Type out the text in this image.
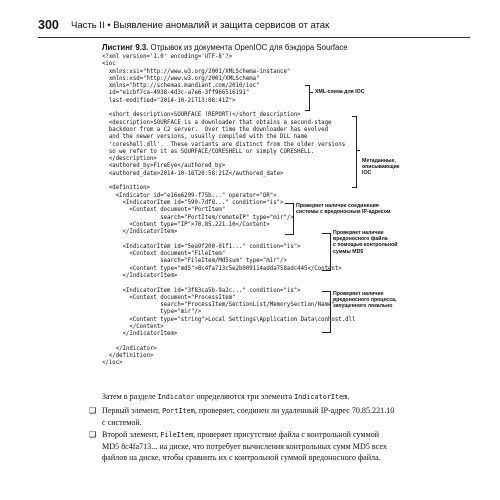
300 Часть II • Выявление аномалий и защита сервисов от атак
Листинг 9.3. Отрывок из документа OpenIOC для бэкдора Sourface
<?xml version='1.0' encoding='UTF-8'?>
<ioc
xmlns:xsi="http://www.w3.org/2001/XMLSchema-instance"
xmlns:xsd="http://www.w3.org/2001/XMLSchema"
xmlns="http://schemas.mandiant.com/2010/ioc"
id="e1cbf7ca-4938-4d3c-a7e6-3ff966516191"
last-modified="2014-10-21T13:08:41Z">
<short_description>SOURFACE (REPORT)</short_description>
<description>SOURFACE is a downloader that obtains a second-stage
backdoor from a C2 server.  Over time the downloader has evolved
and the newer versions, usually compiled with the DLL name
'coreshell.dll'.  These variants are distinct from the older versions
so we refer to it as SOURFACE/CORESHELL or simply CORESHELL.
</description>
<authored_by>FireEye</authored_by>
<authored_date>2014-10-16T20:58:21Z</authored_date>
<definition>
<Indicator id="e16e6299-f75b..." operator="OR">
<IndicatorItem id="590-7df8..." condition="is">
<Context document="PortItem"
search="PortItem/remoteIP" type="mir"/>
<Content type="IP">70.85.221.10</Content>
</IndicatorItem>
<IndicatorItem id="5ea9f200-01f1..." condition="is">
<Context document="FileItem"
search="FileItem/Md5sum" type="mir"/>
<Content type="md5">8c4fa713c5e2b009114adda758adc445</Content>
</IndicatorItem>
<IndicatorItem id="3f83ca5b-9a2c..." condition="is">
<Context document="ProcessItem"
search="ProcessItem/SectionList/MemorySection/Name"
type="mir"/>
<Content type="string">Local Settings\Application Data\conhost.dll
</Content>
</IndicatorItem>
</Indicator>
</definition>
</ioc>
XML-схема для IOC
Метаданные,
описывающие
IOC
Проверяет наличие соединения
системы с вредоносным IP-адресом
Проверяет наличие
вредоносного файла
с помощью контрольной
суммы MD5
Проверяет наличие
вредоносного процесса,
запущенного локально
Затем в разделе Indicator определяются три элемента IndicatorItem.
❑ Первый элемент, PortItem, проверяет, соединен ли удаленный IP-адрес 70.85.221.10
с системой.
❑ Второй элемент, FileItem, проверяет присутствие файла с контрольной суммой
MD5 8c4fa713... на диске, что потребует вычисления контрольных сумм MD5 всех
файлов на диске, чтобы сравнить их с контрольной суммой вредоносного файла.
